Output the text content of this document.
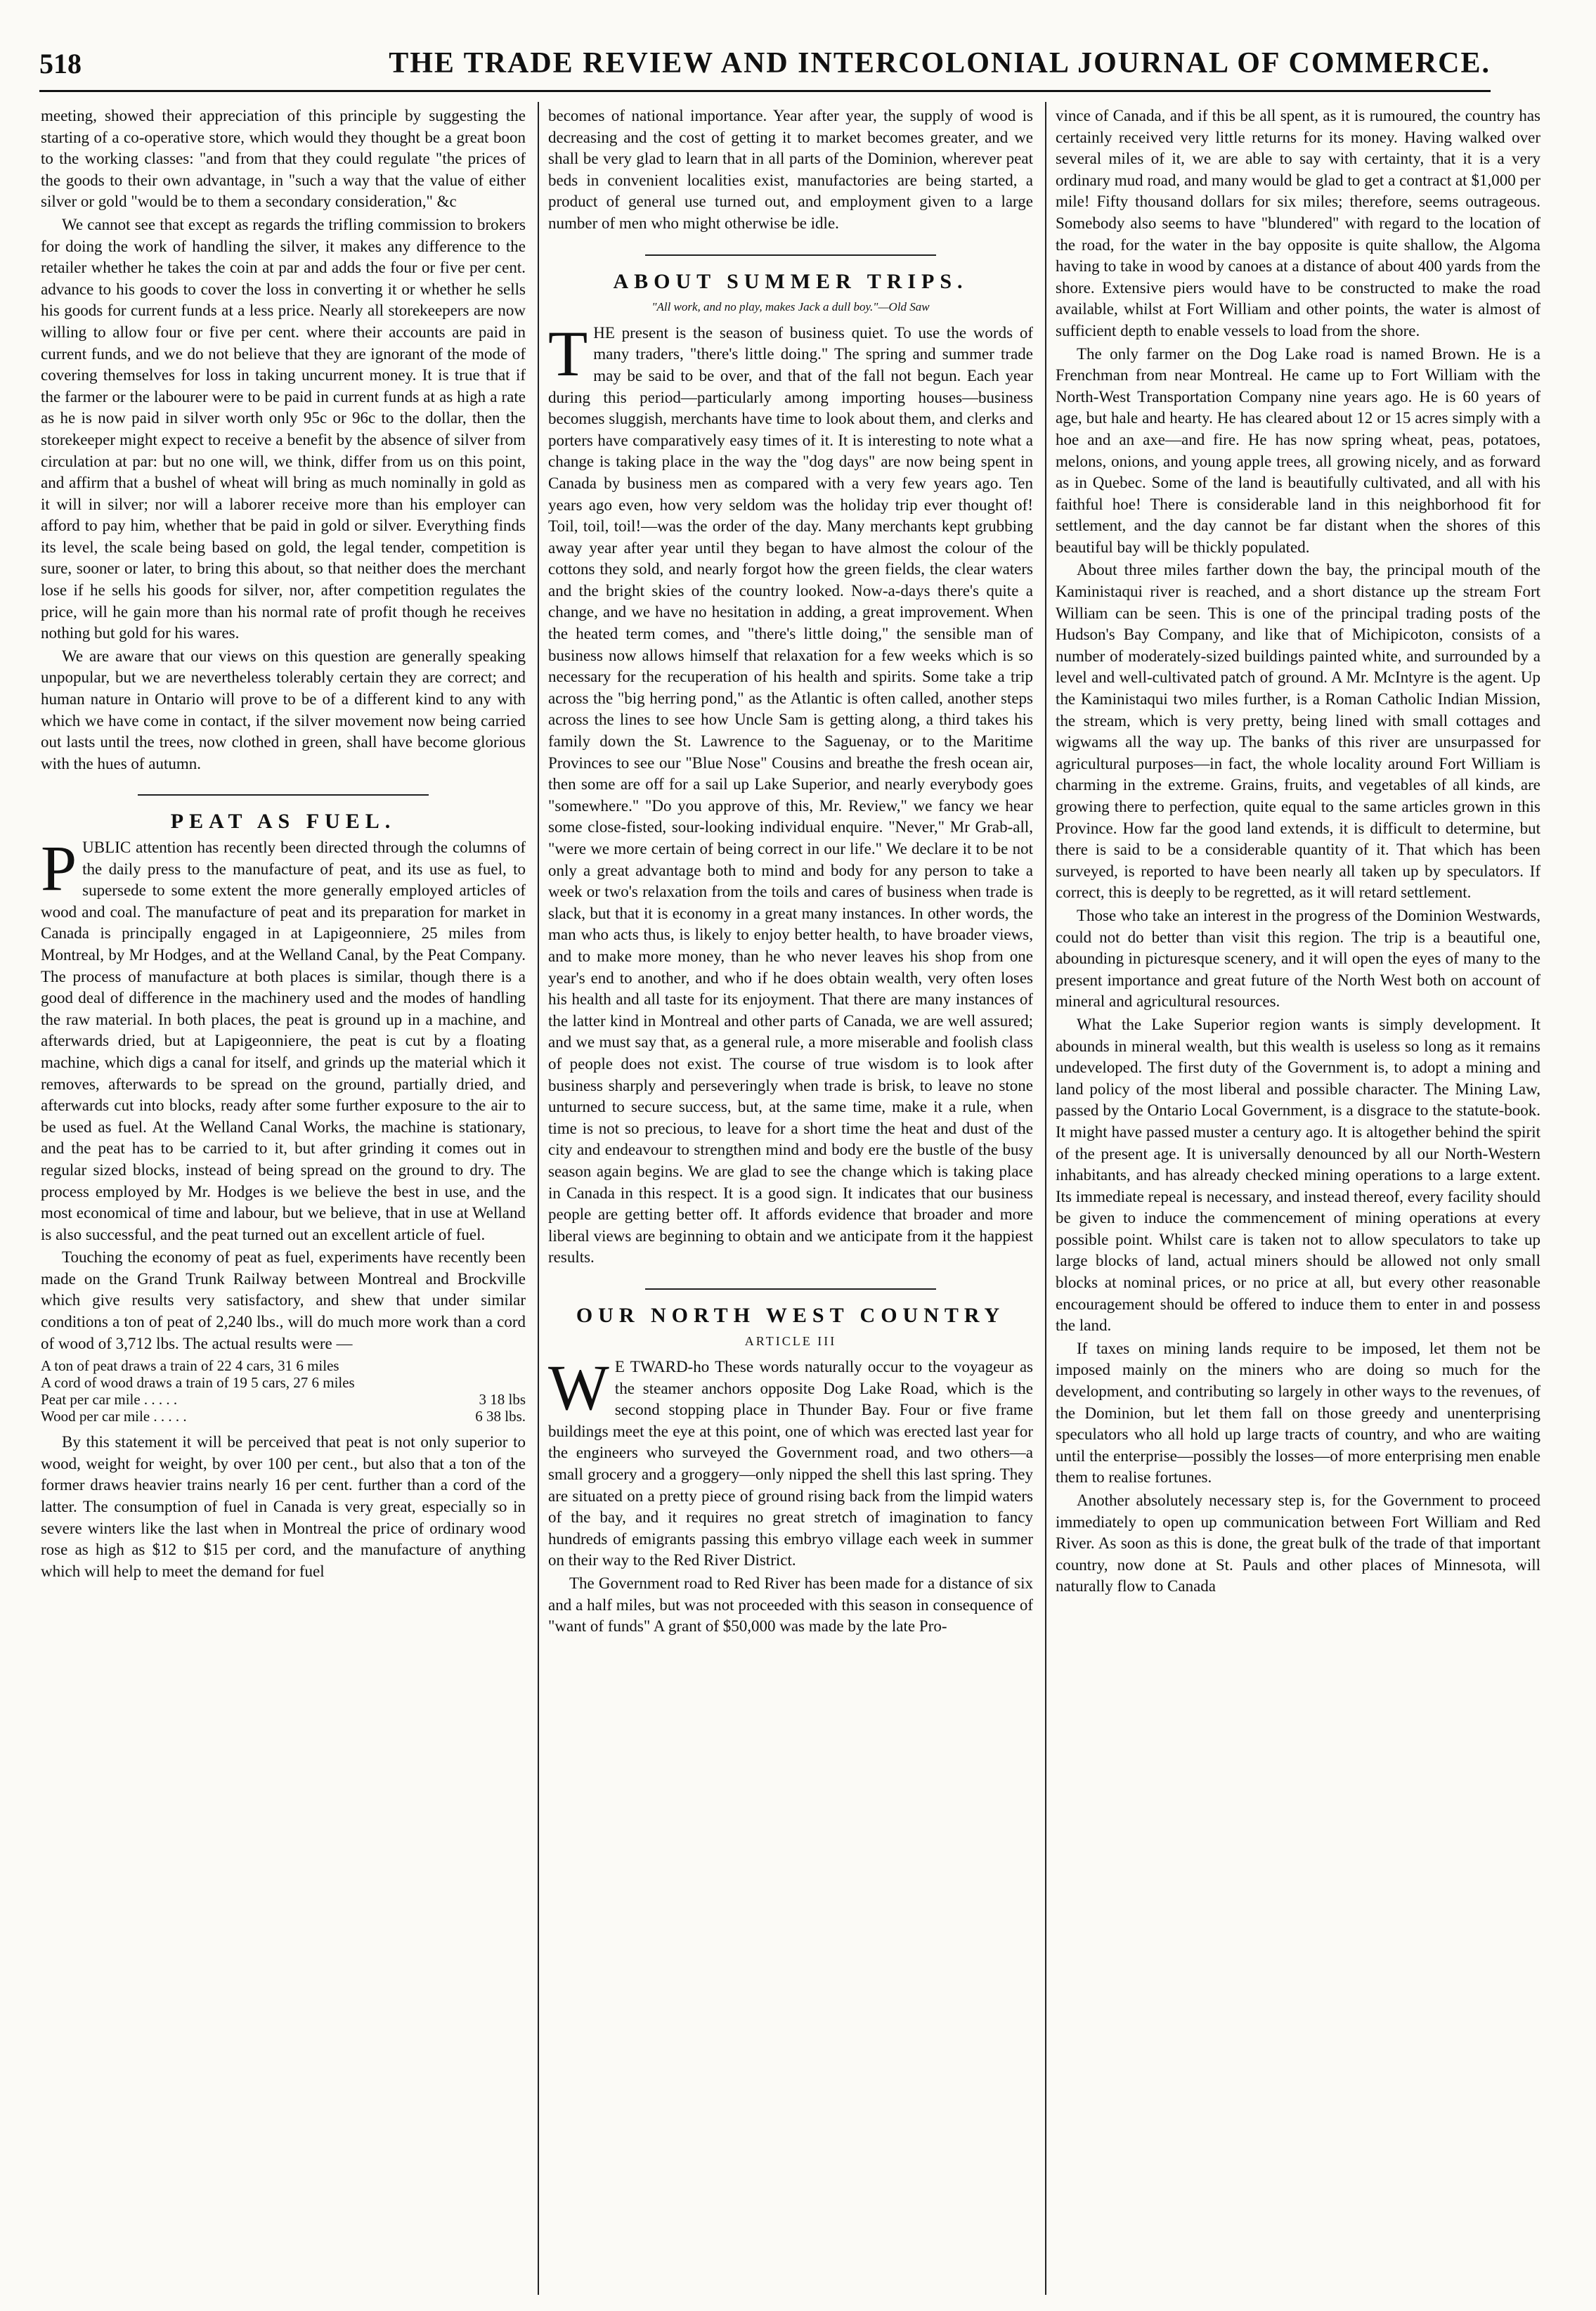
518	THE TRADE REVIEW AND INTERCOLONIAL JOURNAL OF COMMERCE.

meeting, showed their appreciation of this principle by suggesting the starting of a co-operative store, which would they thought be a great boon to the working classes: "and from that they could regulate "the prices of the goods to their own advantage, in "such a way that the value of either silver or gold "would be to them a secondary consideration," &c

We cannot see that except as regards the trifling commission to brokers for doing the work of handling the silver, it makes any difference to the retailer whether he takes the coin at par and adds the four or five per cent. advance to his goods to cover the loss in converting it or whether he sells his goods for current funds at a less price. Nearly all storekeepers are now willing to allow four or five per cent. where their accounts are paid in current funds, and we do not believe that they are ignorant of the mode of covering themselves for loss in taking uncurrent money. It is true that if the farmer or the labourer were to be paid in current funds at as high a rate as he is now paid in silver worth only 95c or 96c to the dollar, then the storekeeper might expect to receive a benefit by the absence of silver from circulation at par: but no one will, we think, differ from us on this point, and affirm that a bushel of wheat will bring as much nominally in gold as it will in silver; nor will a laborer receive more than his employer can afford to pay him, whether that be paid in gold or silver. Everything finds its level, the scale being based on gold, the legal tender, competition is sure, sooner or later, to bring this about, so that neither does the merchant lose if he sells his goods for silver, nor, after competition regulates the price, will he gain more than his normal rate of profit though he receives nothing but gold for his wares.

We are aware that our views on this question are generally speaking unpopular, but we are nevertheless tolerably certain they are correct; and human nature in Ontario will prove to be of a different kind to any with which we have come in contact, if the silver movement now being carried out lasts until the trees, now clothed in green, shall have become glorious with the hues of autumn.

PEAT AS FUEL.

PUBLIC attention has recently been directed through the columns of the daily press to the manufacture of peat, and its use as fuel, to supersede to some extent the more generally employed articles of wood and coal. The manufacture of peat and its preparation for market in Canada is principally engaged in at Lapigeonniere, 25 miles from Montreal, by Mr Hodges, and at the Welland Canal, by the Peat Company. The process of manufacture at both places is similar, though there is a good deal of difference in the machinery used and the modes of handling the raw material. In both places, the peat is ground up in a machine, and afterwards dried, but at Lapigeonniere, the peat is cut by a floating machine, which digs a canal for itself, and grinds up the material which it removes, afterwards to be spread on the ground, partially dried, and afterwards cut into blocks, ready after some further exposure to the air to be used as fuel. At the Welland Canal Works, the machine is stationary, and the peat has to be carried to it, but after grinding it comes out in regular sized blocks, instead of being spread on the ground to dry. The process employed by Mr. Hodges is we believe the best in use, and the most economical of time and labour, but we believe, that in use at Welland is also successful, and the peat turned out an excellent article of fuel.

Touching the economy of peat as fuel, experiments have recently been made on the Grand Trunk Railway between Montreal and Brockville which give results very satisfactory, and shew that under similar conditions a ton of peat of 2,240 lbs., will do much more work than a cord of wood of 3,712 lbs. The actual results were —

A ton of peat draws a train of 22 4 cars, 31 6 miles	
A cord of wood draws a train of 19 5 cars, 27 6 miles	
Peat per car mile . . . . .	3 18 lbs
Wood per car mile . . . . .	6 38 lbs.

By this statement it will be perceived that peat is not only superior to wood, weight for weight, by over 100 per cent., but also that a ton of the former draws heavier trains nearly 16 per cent. further than a cord of the latter. The consumption of fuel in Canada is very great, especially so in severe winters like the last when in Montreal the price of ordinary wood rose as high as $12 to $15 per cord, and the manufacture of anything which will help to meet the demand for fuel

becomes of national importance. Year after year, the supply of wood is decreasing and the cost of getting it to market becomes greater, and we shall be very glad to learn that in all parts of the Dominion, wherever peat beds in convenient localities exist, manufactories are being started, a product of general use turned out, and employment given to a large number of men who might otherwise be idle.

ABOUT SUMMER TRIPS.
"All work, and no play, makes Jack a dull boy."—Old Saw

THE present is the season of business quiet. To use the words of many traders, "there's little doing." The spring and summer trade may be said to be over, and that of the fall not begun. Each year during this period—particularly among importing houses—business becomes sluggish, merchants have time to look about them, and clerks and porters have comparatively easy times of it. It is interesting to note what a change is taking place in the way the "dog days" are now being spent in Canada by business men as compared with a very few years ago. Ten years ago even, how very seldom was the holiday trip ever thought of! Toil, toil, toil!—was the order of the day. Many merchants kept grubbing away year after year until they began to have almost the colour of the cottons they sold, and nearly forgot how the green fields, the clear waters and the bright skies of the country looked. Now-a-days there's quite a change, and we have no hesitation in adding, a great improvement. When the heated term comes, and "there's little doing," the sensible man of business now allows himself that relaxation for a few weeks which is so necessary for the recuperation of his health and spirits. Some take a trip across the "big herring pond," as the Atlantic is often called, another steps across the lines to see how Uncle Sam is getting along, a third takes his family down the St. Lawrence to the Saguenay, or to the Maritime Provinces to see our "Blue Nose" Cousins and breathe the fresh ocean air, then some are off for a sail up Lake Superior, and nearly everybody goes "somewhere." "Do you approve of this, Mr. Review," we fancy we hear some close-fisted, sour-looking individual enquire. "Never," Mr Grab-all, "were we more certain of being correct in our life." We declare it to be not only a great advantage both to mind and body for any person to take a week or two's relaxation from the toils and cares of business when trade is slack, but that it is economy in a great many instances. In other words, the man who acts thus, is likely to enjoy better health, to have broader views, and to make more money, than he who never leaves his shop from one year's end to another, and who if he does obtain wealth, very often loses his health and all taste for its enjoyment. That there are many instances of the latter kind in Montreal and other parts of Canada, we are well assured; and we must say that, as a general rule, a more miserable and foolish class of people does not exist. The course of true wisdom is to look after business sharply and perseveringly when trade is brisk, to leave no stone unturned to secure success, but, at the same time, make it a rule, when time is not so precious, to leave for a short time the heat and dust of the city and endeavour to strengthen mind and body ere the bustle of the busy season again begins. We are glad to see the change which is taking place in Canada in this respect. It is a good sign. It indicates that our business people are getting better off. It affords evidence that broader and more liberal views are beginning to obtain and we anticipate from it the happiest results.

OUR NORTH WEST COUNTRY
ARTICLE III

W E TWARD-ho These words naturally occur to the voyageur as the steamer anchors opposite Dog Lake Road, which is the second stopping place in Thunder Bay. Four or five frame buildings meet the eye at this point, one of which was erected last year for the engineers who surveyed the Government road, and two others—a small grocery and a groggery—only nipped the shell this last spring. They are situated on a pretty piece of ground rising back from the limpid waters of the bay, and it requires no great stretch of imagination to fancy hundreds of emigrants passing this embryo village each week in summer on their way to the Red River District.

The Government road to Red River has been made for a distance of six and a half miles, but was not proceeded with this season in consequence of "want of funds" A grant of $50,000 was made by the late Pro-

vince of Canada, and if this be all spent, as it is rumoured, the country has certainly received very little returns for its money. Having walked over several miles of it, we are able to say with certainty, that it is a very ordinary mud road, and many would be glad to get a contract at $1,000 per mile! Fifty thousand dollars for six miles; therefore, seems outrageous. Somebody also seems to have "blundered" with regard to the location of the road, for the water in the bay opposite is quite shallow, the Algoma having to take in wood by canoes at a distance of about 400 yards from the shore. Extensive piers would have to be constructed to make the road available, whilst at Fort William and other points, the water is almost of sufficient depth to enable vessels to load from the shore.

The only farmer on the Dog Lake road is named Brown. He is a Frenchman from near Montreal. He came up to Fort William with the North-West Transportation Company nine years ago. He is 60 years of age, but hale and hearty. He has cleared about 12 or 15 acres simply with a hoe and an axe—and fire. He has now spring wheat, peas, potatoes, melons, onions, and young apple trees, all growing nicely, and as forward as in Quebec. Some of the land is beautifully cultivated, and all with his faithful hoe! There is considerable land in this neighborhood fit for settlement, and the day cannot be far distant when the shores of this beautiful bay will be thickly populated.

About three miles farther down the bay, the principal mouth of the Kaministaqui river is reached, and a short distance up the stream Fort William can be seen. This is one of the principal trading posts of the Hudson's Bay Company, and like that of Michipicoton, consists of a number of moderately-sized buildings painted white, and surrounded by a level and well-cultivated patch of ground. A Mr. McIntyre is the agent. Up the Kaministaqui two miles further, is a Roman Catholic Indian Mission, the stream, which is very pretty, being lined with small cottages and wigwams all the way up. The banks of this river are unsurpassed for agricultural purposes—in fact, the whole locality around Fort William is charming in the extreme. Grains, fruits, and vegetables of all kinds, are growing there to perfection, quite equal to the same articles grown in this Province. How far the good land extends, it is difficult to determine, but there is said to be a considerable quantity of it. That which has been surveyed, is reported to have been nearly all taken up by speculators. If correct, this is deeply to be regretted, as it will retard settlement.

Those who take an interest in the progress of the Dominion Westwards, could not do better than visit this region. The trip is a beautiful one, abounding in picturesque scenery, and it will open the eyes of many to the present importance and great future of the North West both on account of mineral and agricultural resources.

What the Lake Superior region wants is simply development. It abounds in mineral wealth, but this wealth is useless so long as it remains undeveloped. The first duty of the Government is, to adopt a mining and land policy of the most liberal and possible character. The Mining Law, passed by the Ontario Local Government, is a disgrace to the statute-book. It might have passed muster a century ago. It is altogether behind the spirit of the present age. It is universally denounced by all our North-Western inhabitants, and has already checked mining operations to a large extent. Its immediate repeal is necessary, and instead thereof, every facility should be given to induce the commencement of mining operations at every possible point. Whilst care is taken not to allow speculators to take up large blocks of land, actual miners should be allowed not only small blocks at nominal prices, or no price at all, but every other reasonable encouragement should be offered to induce them to enter in and possess the land.

If taxes on mining lands require to be imposed, let them not be imposed mainly on the miners who are doing so much for the development, and contributing so largely in other ways to the revenues, of the Dominion, but let them fall on those greedy and unenterprising speculators who all hold up large tracts of country, and who are waiting until the enterprise—possibly the losses—of more enterprising men enable them to realise fortunes.

Another absolutely necessary step is, for the Government to proceed immediately to open up communication between Fort William and Red River. As soon as this is done, the great bulk of the trade of that important country, now done at St. Pauls and other places of Minnesota, will naturally flow to Canada
